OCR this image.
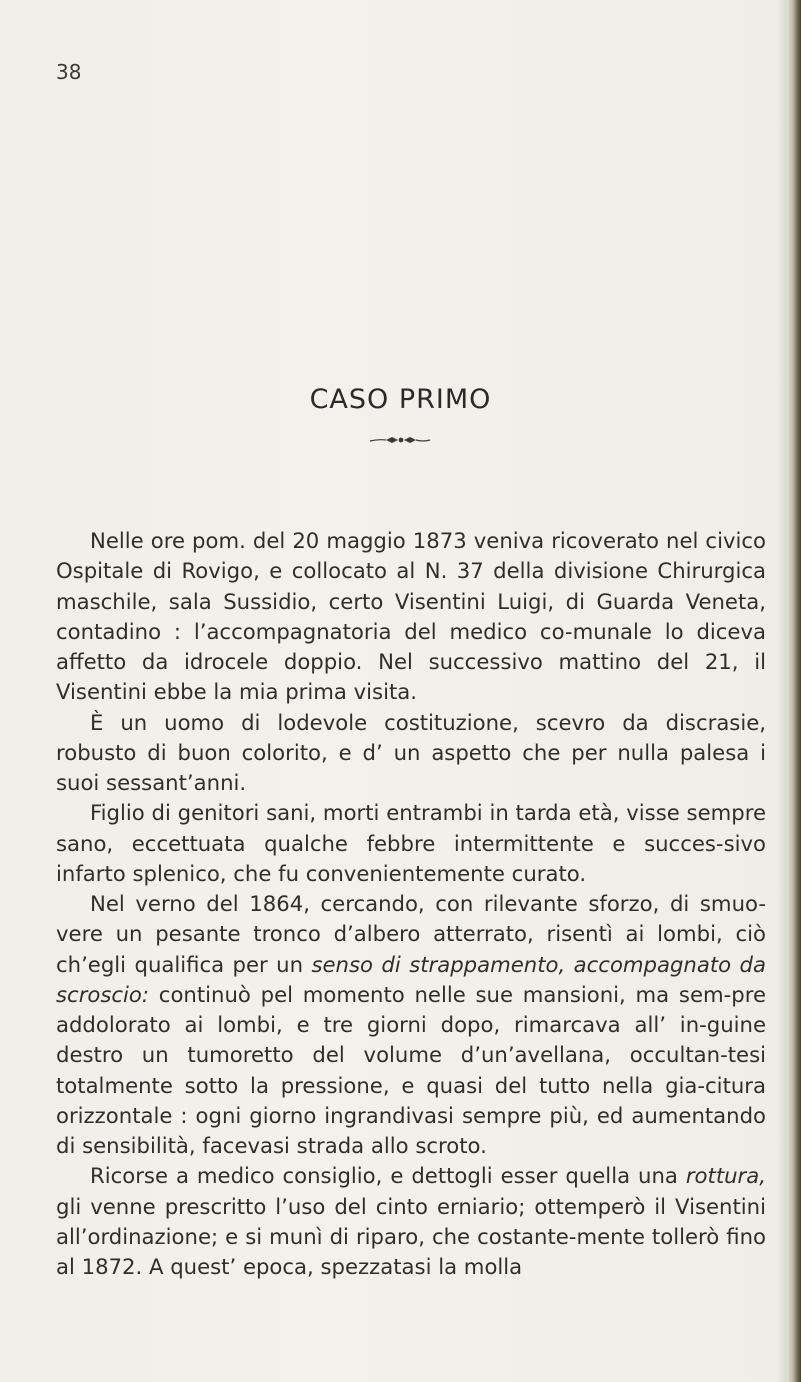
38
CASO PRIMO

Nelle ore pom. del 20 maggio 1873 veniva ricoverato nel civico Ospitale di Rovigo, e collocato al N. 37 della divisione Chirurgica maschile, sala Sussidio, certo Visentini Luigi, di Guarda Veneta, contadino : l’accompagnatoria del medico co-munale lo diceva affetto da idrocele doppio. Nel successivo mattino del 21, il Visentini ebbe la mia prima visita.

È un uomo di lodevole costituzione, scevro da discrasie, robusto di buon colorito, e d’ un aspetto che per nulla palesa i suoi sessant’anni.

Figlio di genitori sani, morti entrambi in tarda età, visse sempre sano, eccettuata qualche febbre intermittente e succes-sivo infarto splenico, che fu convenientemente curato.

Nel verno del 1864, cercando, con rilevante sforzo, di smuo-vere un pesante tronco d’albero atterrato, risentì ai lombi, ciò ch’egli qualifica per un senso di strappamento, accompagnato da scroscio: continuò pel momento nelle sue mansioni, ma sem-pre addolorato ai lombi, e tre giorni dopo, rimarcava all’ in-guine destro un tumoretto del volume d’un’avellana, occultan-tesi totalmente sotto la pressione, e quasi del tutto nella gia-citura orizzontale : ogni giorno ingrandivasi sempre più, ed aumentando di sensibilità, facevasi strada allo scroto.

Ricorse a medico consiglio, e dettogli esser quella una rottura, gli venne prescritto l’uso del cinto erniario; ottemperò il Visentini all’ordinazione; e si munì di riparo, che costante-mente tollerò fino al 1872. A quest’ epoca, spezzatasi la molla
